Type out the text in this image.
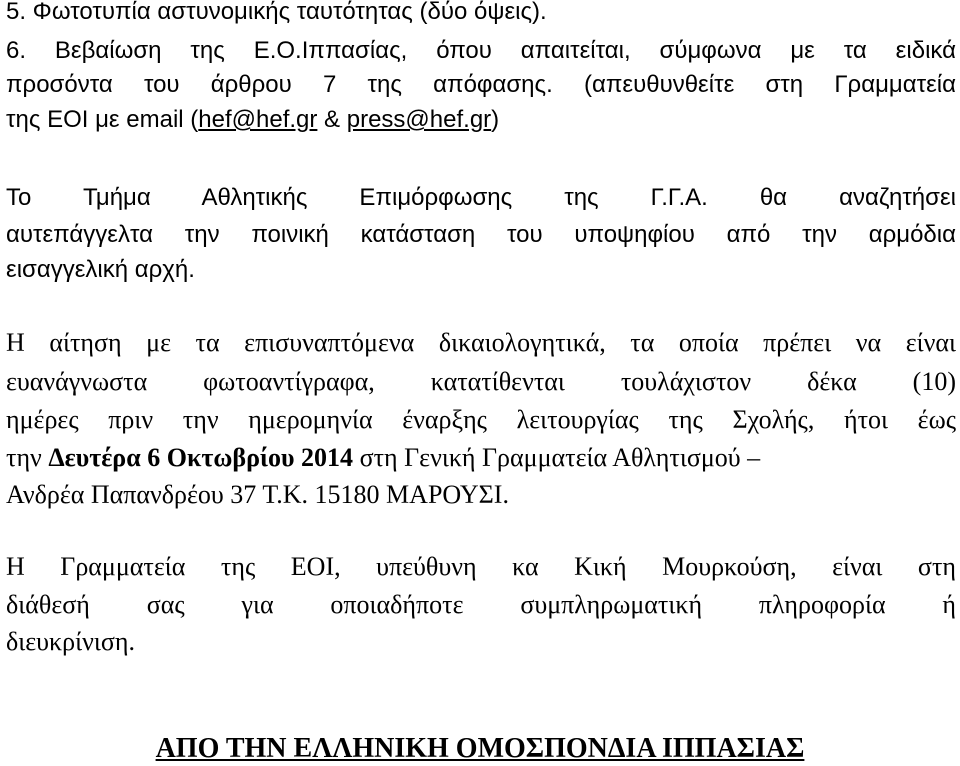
5. Φωτοτυπία αστυνομικής ταυτότητας (δύο όψεις).
6. Βεβαίωση της Ε.Ο.Ιππασίας, όπου απαιτείται, σύμφωνα με τα ειδικά
προσόντα του άρθρου 7 της απόφασης. (απευθυνθείτε στη Γραμματεία
της ΕΟΙ με email (hef@hef.gr & press@hef.gr)
Το Τμήμα Αθλητικής Επιμόρφωσης της Γ.Γ.Α. θα αναζητήσει
αυτεπάγγελτα την ποινική κατάσταση του υποψηφίου από την αρμόδια
εισαγγελική αρχή.
Η αίτηση με τα επισυναπτόμενα δικαιολογητικά, τα οποία πρέπει να είναι
ευανάγνωστα φωτοαντίγραφα, κατατίθενται τουλάχιστον δέκα (10)
ημέρες πριν την ημερομηνία έναρξης λειτουργίας της Σχολής, ήτοι έως
την Δευτέρα 6 Οκτωβρίου 2014 στη Γενική Γραμματεία Αθλητισμού –
Ανδρέα Παπανδρέου 37 Τ.Κ. 15180 ΜΑΡΟΥΣΙ.
Η Γραμματεία της ΕΟΙ, υπεύθυνη κα Κική Μουρκούση, είναι στη
διάθεσή σας για οποιαδήποτε συμπληρωματική πληροφορία ή
διευκρίνιση.
ΑΠΟ ΤΗΝ ΕΛΛΗΝΙΚΗ ΟΜΟΣΠΟΝΔΙΑ ΙΠΠΑΣΙΑΣ
